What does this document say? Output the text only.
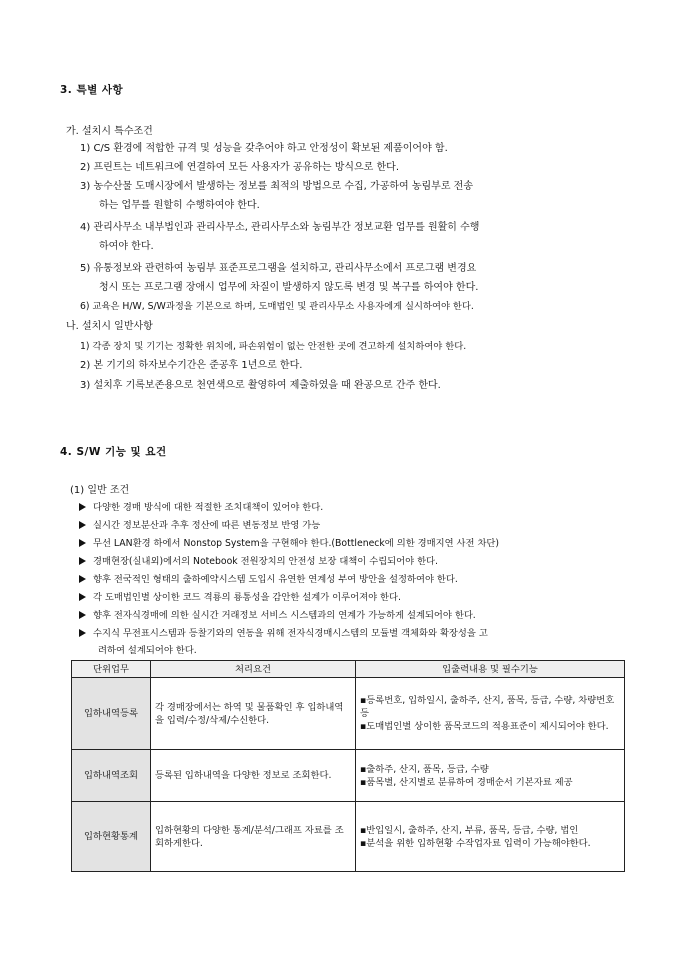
3. 특별 사항
가. 설치시 특수조건
1) C/S 환경에 적합한 규격 및 성능을 갖추어야 하고 안정성이 확보된 제품이어야 함.
2) 프린트는 네트워크에 연결하여 모든 사용자가 공유하는 방식으로 한다.
3) 농수산물 도매시장에서 발생하는 정보를 최적의 방법으로 수집, 가공하여 농림부로 전송
하는 업무를 원할히 수행하여야 한다.
4) 관리사무소 내부법인과 관리사무소, 관리사무소와 농림부간 정보교환 업무를 원활히 수행
하여야 한다.
5) 유통정보와 관련하여 농림부 표준프로그램을 설치하고, 관리사무소에서 프로그램 변경요
청시 또는 프로그램 장애시 업무에 차질이 발생하지 않도록 변경 및 복구를 하여야 한다.
6) 교육은 H/W, S/W과정을 기본으로 하며, 도매법인 및 관리사무소 사용자에게 실시하여야 한다.
나. 설치시 일반사항
1) 각종 장치 및 기기는 정확한 위치에, 파손위험이 없는 안전한 곳에 견고하게 설치하여야 한다.
2) 본 기기의 하자보수기간은 준공후 1년으로 한다.
3) 설치후 기록보존용으로 천연색으로 촬영하여 제출하였을 때 완공으로 간주 한다.
4. S/W 기능 및 요건
(1) 일반 조건
다양한 경매 방식에 대한 적절한 조치대책이 있어야 한다.
실시간 정보분산과 추후 정산에 따른 변동정보 반영 가능
무선 LAN환경 하에서 Nonstop System을 구현해야 한다.(Bottleneck에 의한 경매지연 사전 차단)
경매현장(실내외)에서의 Notebook 전원장치의 안전성 보장 대책이 수립되어야 한다.
향후 전국적인 형태의 출하예약시스템 도입시 유연한 연계성 부여 방안을 설정하여야 한다.
각 도매법인별 상이한 코드 격룡의 룡통성을 감안한 설계가 이루어져야 한다.
향후 전자식경매에 의한 실시간 거래정보 서비스 시스템과의 연계가 가능하게 설계되어야 한다.
수지식 무전표시스템과 등찰기와의 연동을 위해 전자식경매시스템의 모듈별 객체화와 확장성을 고
려하여 설계되어야 한다.
단위업무	처리요건	입출력내용 및 필수기능
입하내역등록	각 경매장에서는 하역 및 물품확인 후 입하내역을 입력/수정/삭제/수신한다.	▪등록번호, 입하일시, 출하주, 산지, 품목, 등급, 수량, 차량번호등

▪도매법인별 상이한 품목코드의 적용표준이 제시되어야 한다.

입하내역조회	등록된 입하내역을 다양한 정보로 조회한다.	▪출하주, 산지, 품목, 등급, 수량

▪품목별, 산지별로 분류하여 경매순서 기본자료 제공

입하현황통계	입하현황의 다양한 통계/분석/그래프 자료를 조회하게한다.	▪반입일시, 출하주, 산지, 부류, 품목, 등급, 수량, 법인

▪분석을 위한 입하현황 수작업자료 입력이 가능해야한다.
